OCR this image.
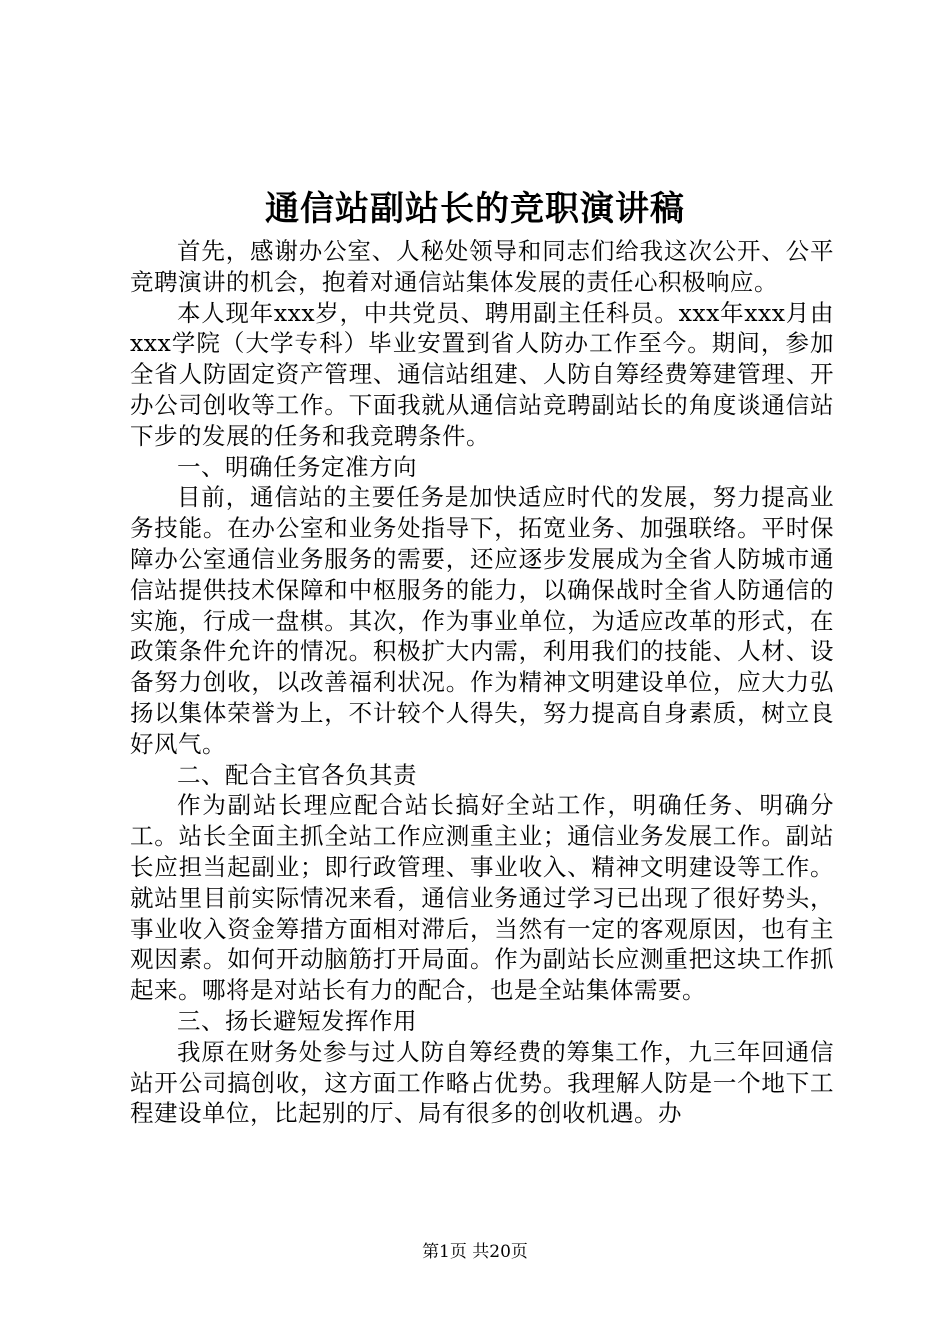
通信站副站长的竞职演讲稿

首先，感谢办公室、人秘处领导和同志们给我这次公开、公平竞聘演讲的机会，抱着对通信站集体发展的责任心积极响应。

本人现年xxx岁，中共党员、聘用副主任科员。xxx年xxx月由xxx学院（大学专科）毕业安置到省人防办工作至今。期间，参加全省人防固定资产管理、通信站组建、人防自筹经费筹建管理、开办公司创收等工作。下面我就从通信站竞聘副站长的角度谈通信站下步的发展的任务和我竞聘条件。

一、明确任务定准方向

目前，通信站的主要任务是加快适应时代的发展，努力提高业务技能。在办公室和业务处指导下，拓宽业务、加强联络。平时保障办公室通信业务服务的需要，还应逐步发展成为全省人防城市通信站提供技术保障和中枢服务的能力，以确保战时全省人防通信的实施，行成一盘棋。其次，作为事业单位，为适应改革的形式，在政策条件允许的情况。积极扩大内需，利用我们的技能、人材、设备努力创收，以改善福利状况。作为精神文明建设单位，应大力弘扬以集体荣誉为上，不计较个人得失，努力提高自身素质，树立良好风气。

二、配合主官各负其责

作为副站长理应配合站长搞好全站工作，明确任务、明确分工。站长全面主抓全站工作应测重主业；通信业务发展工作。副站长应担当起副业；即行政管理、事业收入、精神文明建设等工作。就站里目前实际情况来看，通信业务通过学习已出现了很好势头，事业收入资金筹措方面相对滞后，当然有一定的客观原因，也有主观因素。如何开动脑筋打开局面。作为副站长应测重把这块工作抓起来。哪将是对站长有力的配合，也是全站集体需要。

三、扬长避短发挥作用

我原在财务处参与过人防自筹经费的筹集工作，九三年回通信站开公司搞创收，这方面工作略占优势。我理解人防是一个地下工程建设单位，比起别的厅、局有很多的创收机遇。办

第1页 共20页
